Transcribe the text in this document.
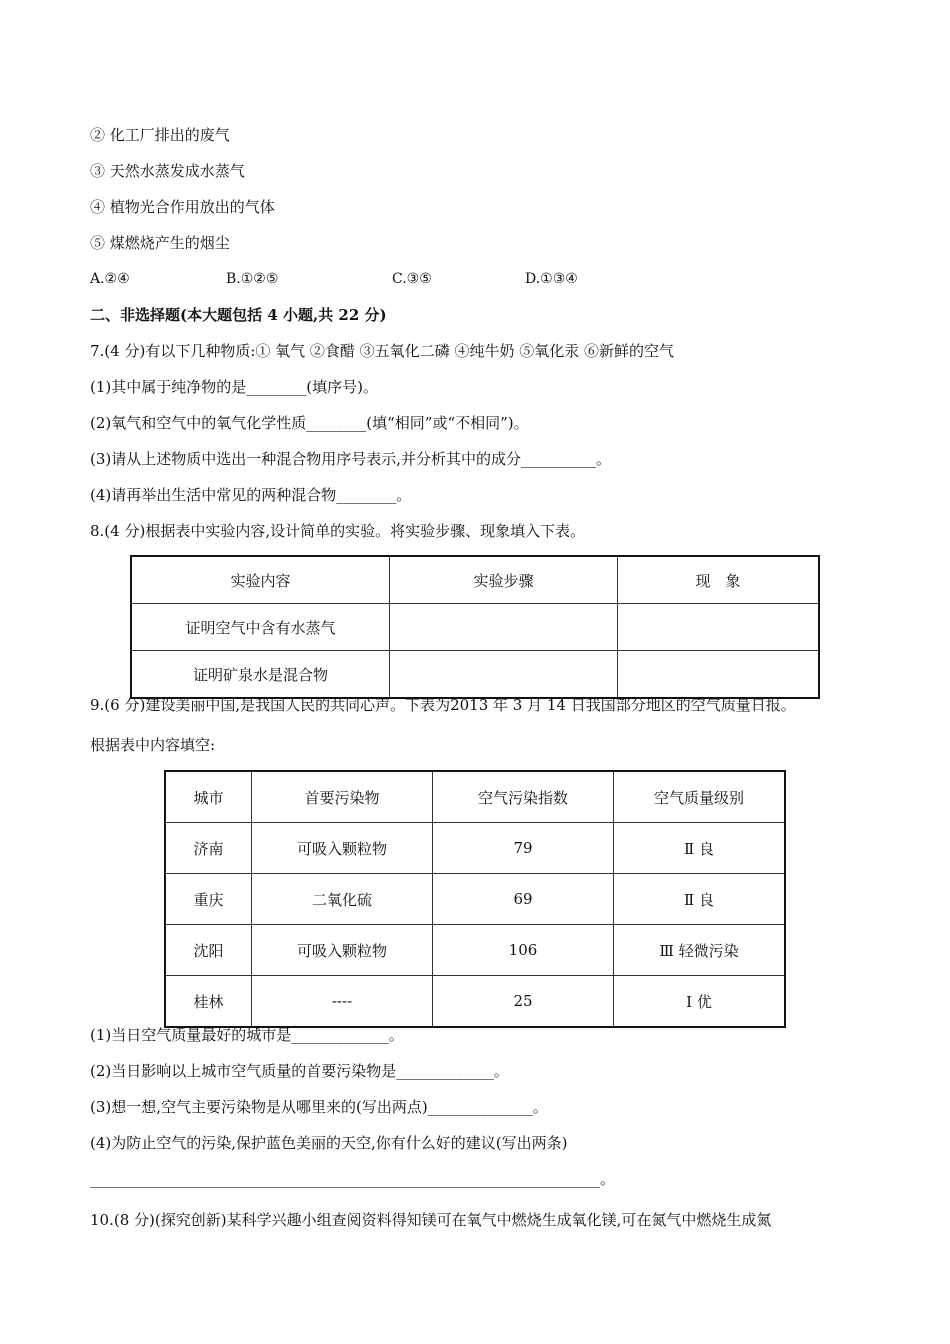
② 化工厂排出的废气
③ 天然水蒸发成水蒸气
④ 植物光合作用放出的气体
⑤ 煤燃烧产生的烟尘
A.②④	B.①②⑤	C.③⑤	D.①③④
二、非选择题(本大题包括 4 小题,共 22 分)
7.(4 分)有以下几种物质:① 氧气 ②食醋 ③五氧化二磷 ④纯牛奶 ⑤氧化汞 ⑥新鲜的空气
(1)其中属于纯净物的是________(填序号)。
(2)氧气和空气中的氧气化学性质________(填“相同”或“不相同”)。
(3)请从上述物质中选出一种混合物用序号表示,并分析其中的成分__________。
(4)请再举出生活中常见的两种混合物________。
8.(4 分)根据表中实验内容,设计简单的实验。将实验步骤、现象填入下表。
实验内容	实验步骤	现　象
证明空气中含有水蒸气		
证明矿泉水是混合物		
9.(6 分)建设美丽中国,是我国人民的共同心声。下表为2013 年 3 月 14 日我国部分地区的空气质量日报。
根据表中内容填空:
城市	首要污染物	空气污染指数	空气质量级别
济南	可吸入颗粒物	79	Ⅱ 良
重庆	二氧化硫	69	Ⅱ 良
沈阳	可吸入颗粒物	106	Ⅲ 轻微污染
桂林	----	25	Ⅰ 优
(1)当日空气质量最好的城市是_____________。
(2)当日影响以上城市空气质量的首要污染物是_____________。
(3)想一想,空气主要污染物是从哪里来的(写出两点)______________。
(4)为防止空气的污染,保护蓝色美丽的天空,你有什么好的建议(写出两条)
____________________________________________________________________。
10.(8 分)(探究创新)某科学兴趣小组查阅资料得知镁可在氧气中燃烧生成氧化镁,可在氮气中燃烧生成氮
